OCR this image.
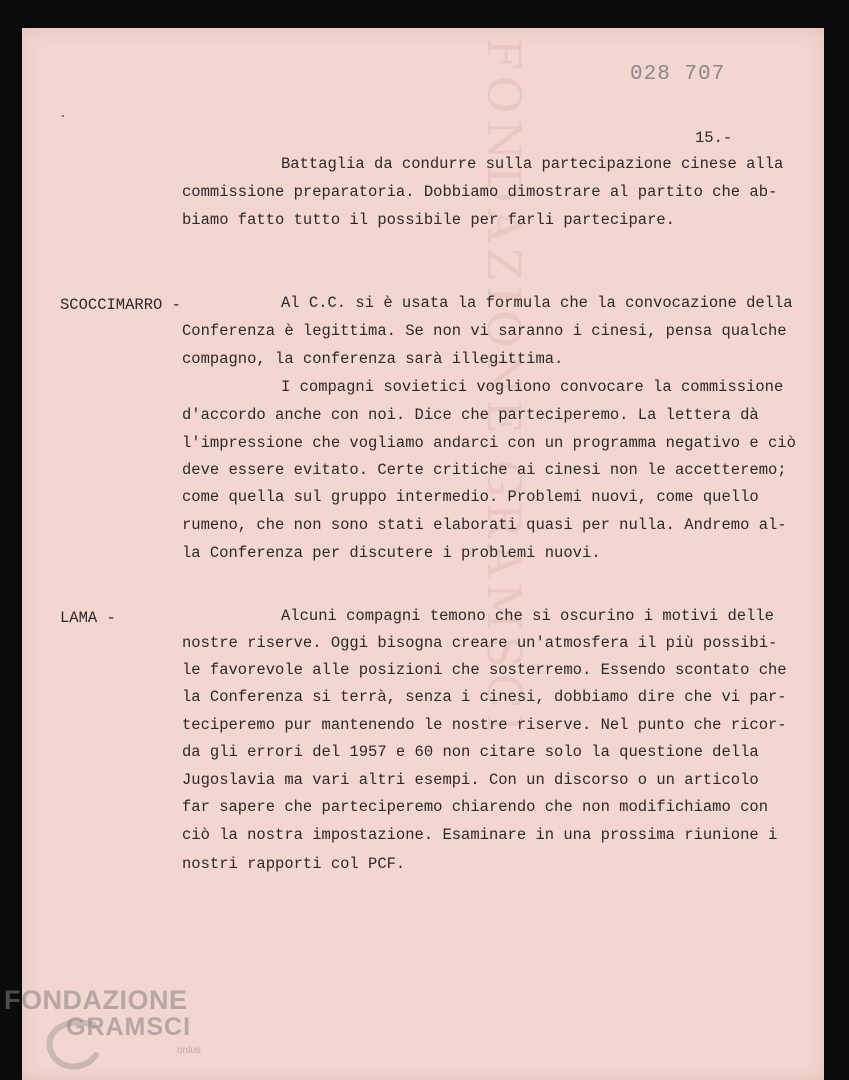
FONDAZIONE GRAMSCI	028 707
15.-
Battaglia da condurre sulla partecipazione cinese alla
commissione preparatoria. Dobbiamo dimostrare al partito che ab-
biamo fatto tutto il possibile per farli partecipare.
SCOCCIMARRO -	Al C.C. si è usata la formula che la convocazione della
Conferenza è legittima. Se non vi saranno i cinesi, pensa qualche
compagno, la conferenza sarà illegittima.
I compagni sovietici vogliono convocare la commissione
d'accordo anche con noi. Dice che parteciperemo. La lettera dà
l'impressione che vogliamo andarci con un programma negativo e ciò
deve essere evitato. Certe critiche ai cinesi non le accetteremo;
come quella sul gruppo intermedio. Problemi nuovi, come quello
rumeno, che non sono stati elaborati quasi per nulla. Andremo al-
la Conferenza per discutere i problemi nuovi.
LAMA -	Alcuni compagni temono che si oscurino i motivi delle
nostre riserve. Oggi bisogna creare un'atmosfera il più possibi-
le favorevole alle posizioni che sosterremo. Essendo scontato che
la Conferenza si terrà, senza i cinesi, dobbiamo dire che vi par-
teciperemo pur mantenendo le nostre riserve. Nel punto che ricor-
da gli errori del 1957 e 60 non citare solo la questione della
Jugoslavia ma vari altri esempi. Con un discorso o un articolo
far sapere che parteciperemo chiarendo che non modifichiamo con
ciò la nostra impostazione. Esaminare in una prossima riunione i
nostri rapporti col PCF.
FONDAZIONE
GRAMSCI
onlus
